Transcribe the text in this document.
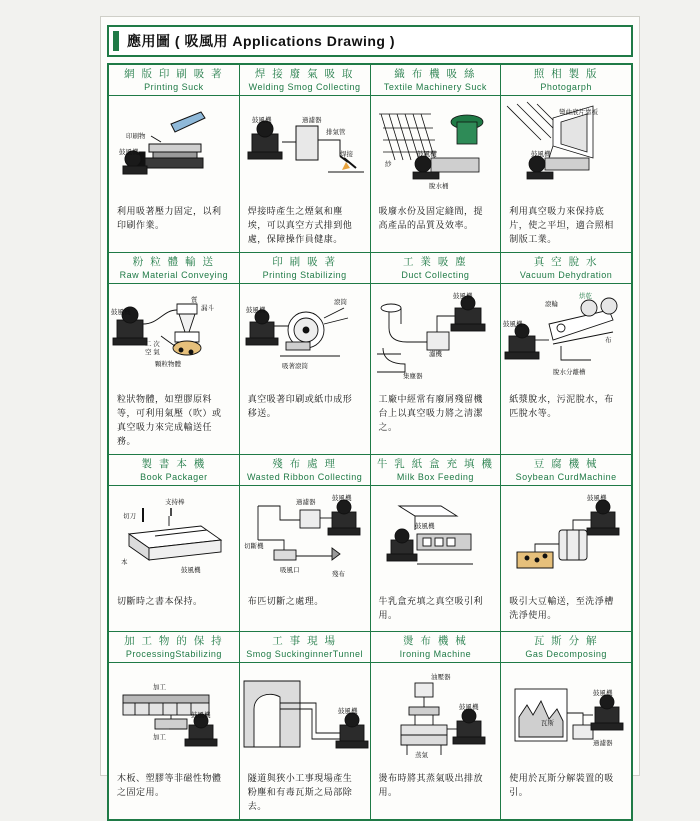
應用圖 ( 吸風用 Applications Drawing )
網 版 印 刷 吸 著
Printing Suck
印刷物
鼓風機
利用吸著壓力固定，以利印刷作業。
焊 接 廢 氣 吸 取
Welding Smog Collecting
鼓風機	過濾器
排氣管
焊接
焊接時產生之煙氣和塵埃，可以真空方式排到他處，保障操作員健康。
織 布 機 吸 絲
Textile Machinery Suck
紗
鼓風機
脫水桶
吸廢水份及固定縫間，提高產品的品質及效率。
照 相 製 版
Photogarph
彎曲底片靠板
鼓風機
利用真空吸力來保持底片，使之平坦，適合照相制版工業。
粉 粒 體 輸 送
Raw Material Conveying
鼓風機
質
漏斗
二 次
空 氣
顆粒物體
粒狀物體，如塑膠原料等，可利用氣壓（吹）或真空吸力來完成輸送任務。
印 刷 吸 著
Printing Stabilizing
鼓風機
滾筒
吸著滾筒
真空吸著印刷或紙巾成形移送。
工 業 吸 塵
Duct Collecting
鼓風機
濾機
集塵器
工廠中經常有廢屑殘留機台上以真空吸力將之清潔之。
真 空 脫 水
Vacuum Dehydration
鼓風機
滾輪
烘乾
布
脫水分離槽
紙漿脫水，污泥脫水，布匹脫水等。
製 書 本 機
Book Packager
切刀
支持棒
本
鼓風機
切斷時之書本保持。
殘 布 處 理
Wasted Ribbon Collecting
過濾器
鼓風機
切斷機
吸風口
殘布
布匹切斷之處理。
牛 乳 紙 盒 充 填 機
Milk Box Feeding
鼓風機
牛乳盒充填之真空吸引利用。
豆 腐 機 械
Soybean CurdMachine
鼓風機
吸引大豆輸送，至洗淨槽洗淨使用。
加 工 物 的 保 持
ProcessingStabilizing
加工
加工
鼓風機
木板、塑膠等非磁性物體之固定用。
工 事 現 場
Smog SuckinginnerTunnel
鼓風機
隧道與狹小工事現場產生粉塵和有毒瓦斯之局部除去。
燙 布 機 械
Ironing Machine
油壓器
鼓風機
蒸氣
燙布時將其蒸氣吸出排放用。
瓦 斯 分 解
Gas Decomposing
鼓風機
瓦斯
過濾器
使用於瓦斯分解裝置的吸引。
